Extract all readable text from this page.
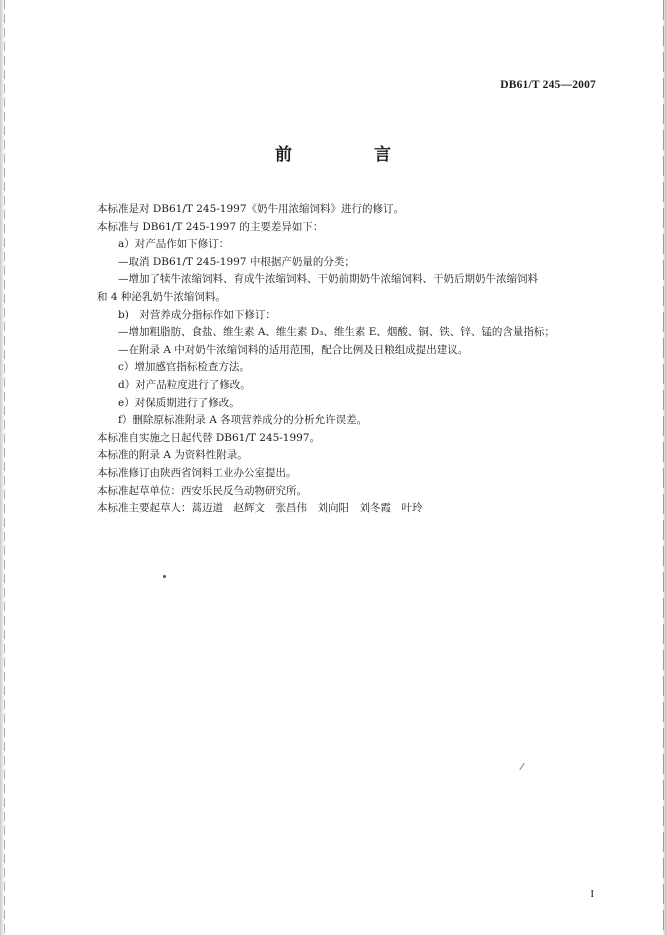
DB61/T 245—2007
前 言
本标准是对 DB61/T 245-1997《奶牛用浓缩饲料》进行的修订。
本标准与 DB61/T 245-1997 的主要差异如下：
a）对产品作如下修订：
—取消 DB61/T 245-1997 中根据产奶量的分类；
—增加了犊牛浓缩饲料、育成牛浓缩饲料、干奶前期奶牛浓缩饲料、干奶后期奶牛浓缩饲料
和 4 种泌乳奶牛浓缩饲料。
b)　对营养成分指标作如下修订：
—增加粗脂肪、食盐、维生素 A、维生素 D₃、维生素 E、烟酸、铜、铁、锌、锰的含量指标；
—在附录 A 中对奶牛浓缩饲料的适用范围，配合比例及日粮组成提出建议。
c）增加感官指标检查方法。
d）对产品粒度进行了修改。
e）对保质期进行了修改。
f）删除原标准附录 A 各项营养成分的分析允许误差。
本标准自实施之日起代替 DB61/T 245-1997。
本标准的附录 A 为资料性附录。
本标准修订由陕西省饲料工业办公室提出。
本标准起草单位：西安乐民反刍动物研究所。
本标准主要起草人：蒿迈道　赵辉文　张昌伟　刘向阳　刘冬霞　叶玲
I
